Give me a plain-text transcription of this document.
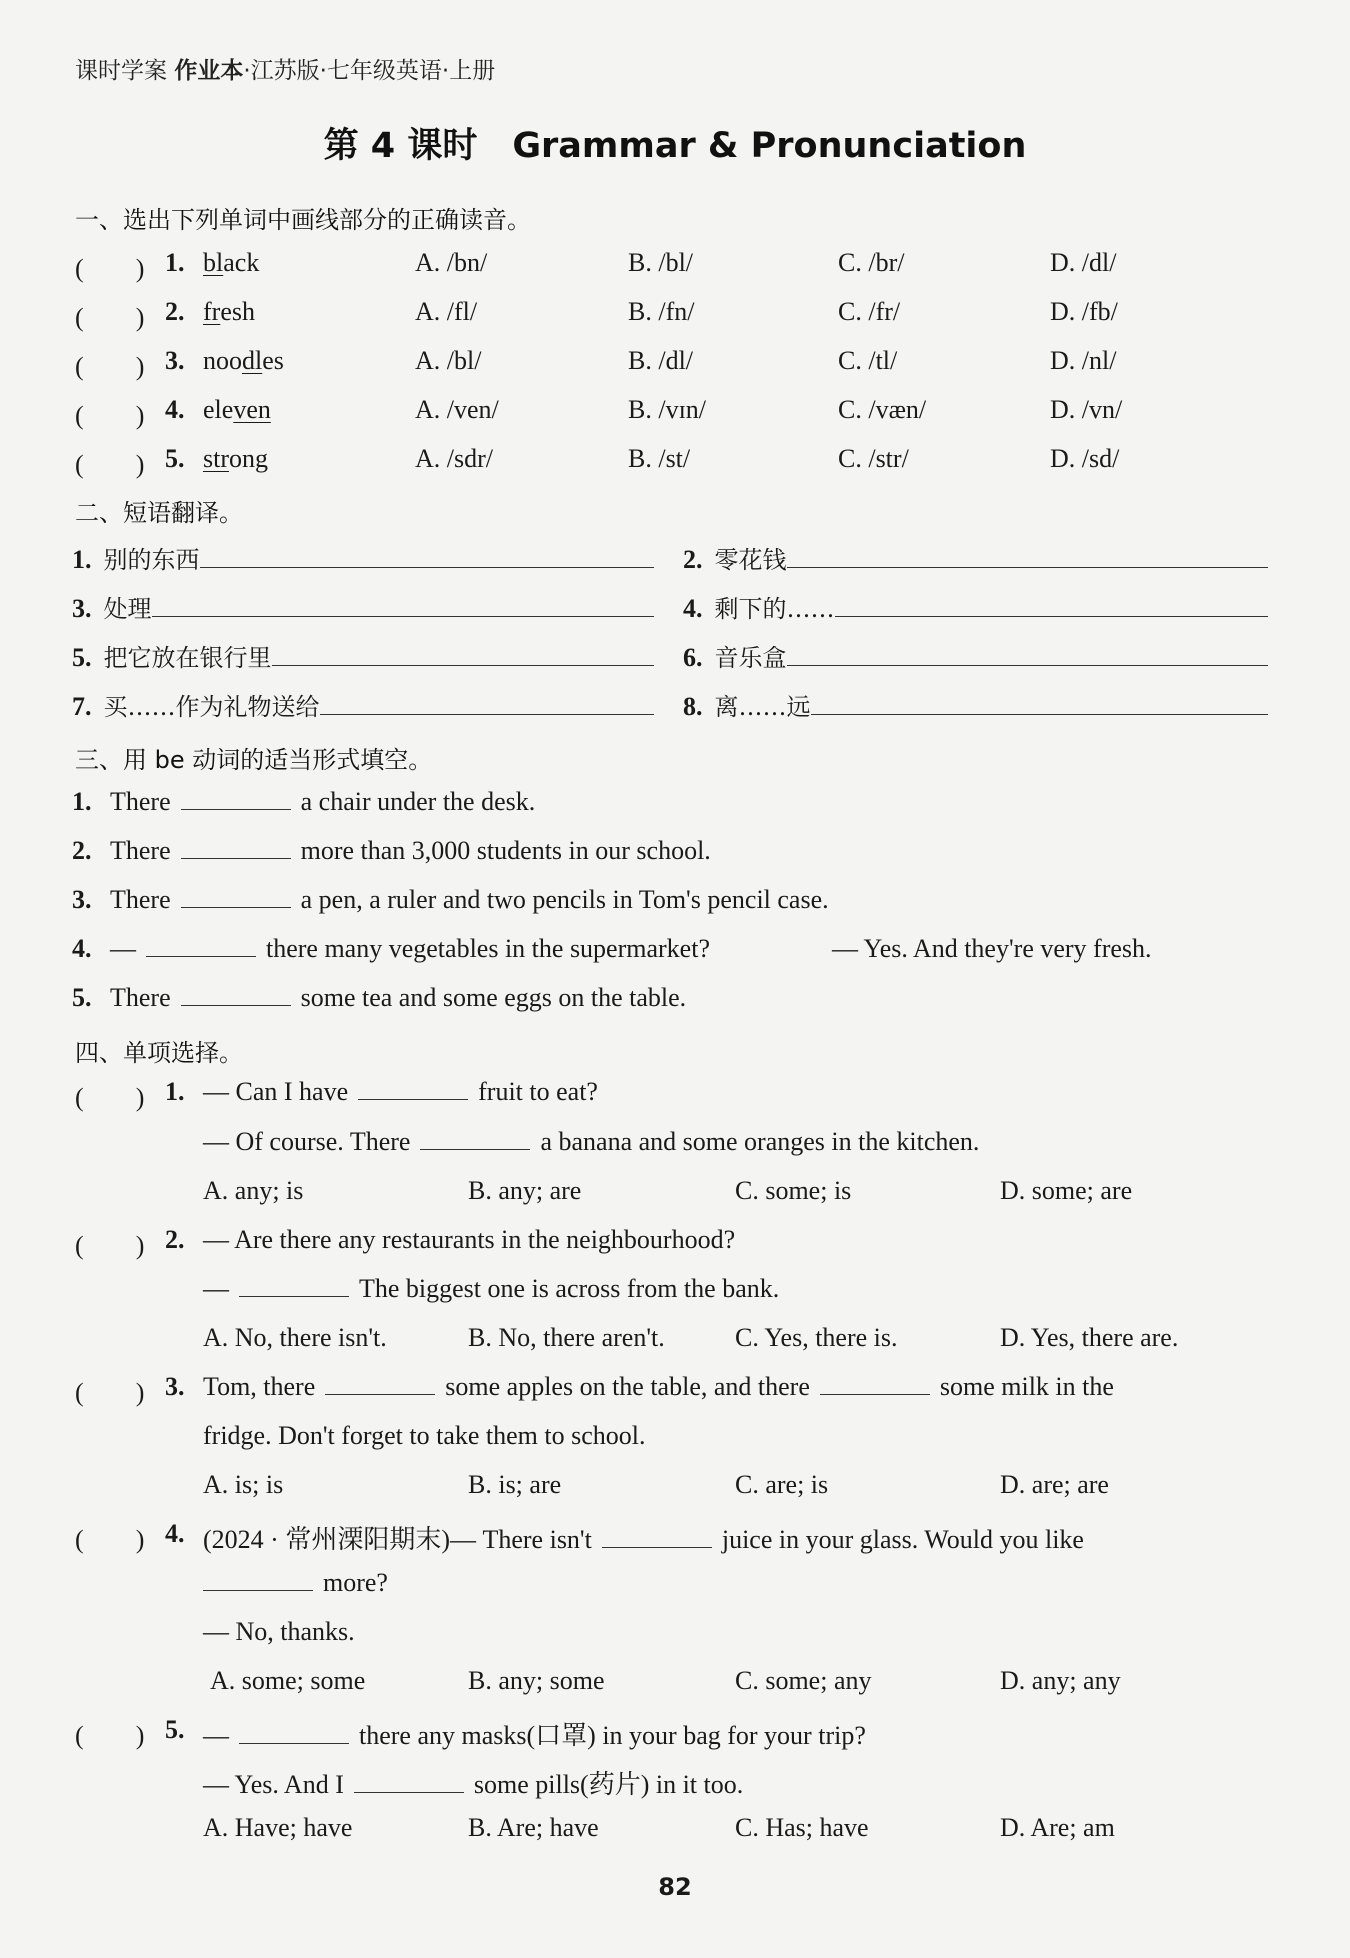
课时学案 作业本·江苏版·七年级英语·上册
第 4 课时　Grammar & Pronunciation
一、选出下列单词中画线部分的正确读音。
(　　 ) 1. black	A. /bn/	B. /bl/	C. /br/	D. /dl/
(　　 ) 2. fresh	A. /fl/	B. /fn/	C. /fr/	D. /fb/
(　　 ) 3. noodles	A. /bl/	B. /dl/	C. /tl/	D. /nl/
(　　 ) 4. eleven	A. /ven/	B. /vɪn/	C. /væn/	D. /vn/
(　　 ) 5. strong	A. /sdr/	B. /st/	C. /str/	D. /sd/
二、短语翻译。
1. 别的东西	2. 零花钱
3. 处理	4. 剩下的……
5. 把它放在银行里	6. 音乐盒
7. 买……作为礼物送给	8. 离……远
三、用 be 动词的适当形式填空。
1. There	a chair under the desk.
2. There	more than 3,000 students in our school.
3. There	a pen, a ruler and two pencils in Tom's pencil case.
4. —	there many vegetables in the supermarket?	— Yes. And they're very fresh.
5. There	some tea and some eggs on the table.
四、单项选择。
(　　 ) 1. — Can I have	fruit to eat?
— Of course. There	a banana and some oranges in the kitchen.
A. any; is	B. any; are	C. some; is	D. some; are
(　　 ) 2. — Are there any restaurants in the neighbourhood?
—	The biggest one is across from the bank.
A. No, there isn't.	B. No, there aren't.	C. Yes, there is.	D. Yes, there are.
(　　 ) 3. Tom, there	some apples on the table, and there	some milk in the
fridge. Don't forget to take them to school.
A. is; is	B. is; are	C. are; is	D. are; are
(　　 ) 4. (2024 · 常州溧阳期末)— There isn't	juice in your glass. Would you like
more?
— No, thanks.
A. some; some	B. any; some	C. some; any	D. any; any
(　　 ) 5. —	there any masks(口罩) in your bag for your trip?
— Yes. And I	some pills(药片) in it too.
A. Have; have	B. Are; have	C. Has; have	D. Are; am
82
